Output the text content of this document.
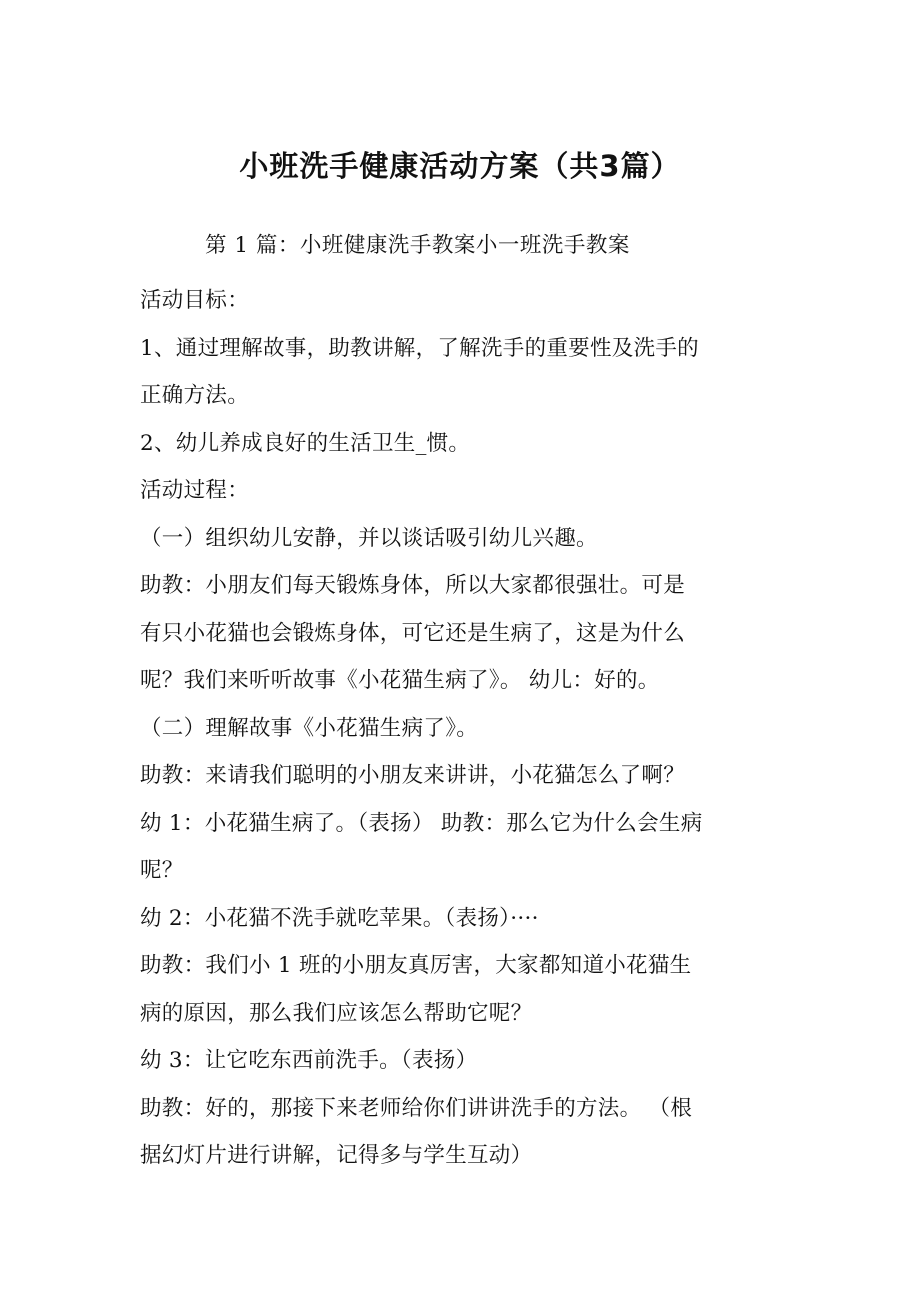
小班洗手健康活动方案（共3篇）
第 1 篇：小班健康洗手教案小一班洗手教案

活动目标：

1、通过理解故事，助教讲解，了解洗手的重要性及洗手的

正确方法。

2、幼儿养成良好的生活卫生_惯。

活动过程：

（一）组织幼儿安静，并以谈话吸引幼儿兴趣。

助教：小朋友们每天锻炼身体，所以大家都很强壮。可是

有只小花猫也会锻炼身体，可它还是生病了，这是为什么

呢？我们来听听故事《小花猫生病了》。 幼儿：好的。

（二）理解故事《小花猫生病了》。

助教：来请我们聪明的小朋友来讲讲，小花猫怎么了啊？

幼 1：小花猫生病了。（表扬） 助教：那么它为什么会生病

呢？

幼 2：小花猫不洗手就吃苹果。（表扬）····

助教：我们小 1 班的小朋友真厉害，大家都知道小花猫生

病的原因，那么我们应该怎么帮助它呢？

幼 3：让它吃东西前洗手。（表扬）

助教：好的，那接下来老师给你们讲讲洗手的方法。 （根

据幻灯片进行讲解，记得多与学生互动）
